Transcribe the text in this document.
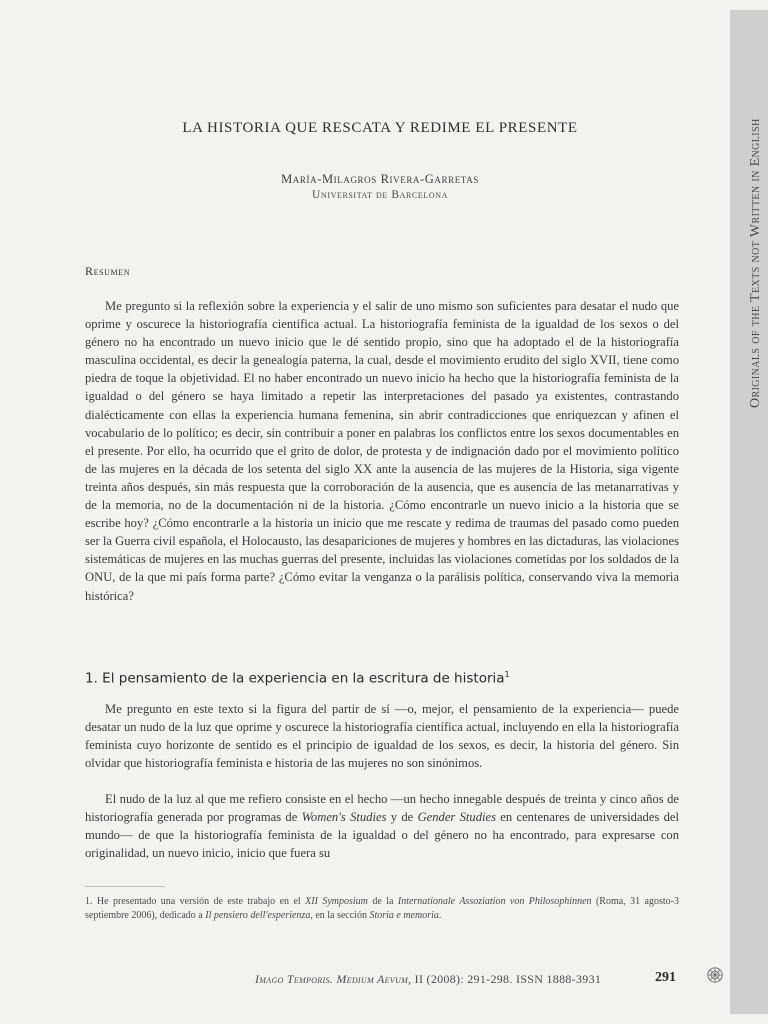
Originals of the Texts not Written in English
LA HISTORIA QUE RESCATA Y REDIME EL PRESENTE
María-Milagros Rivera-Garretas
Universitat de Barcelona
Resumen

Me pregunto si la reflexión sobre la experiencia y el salir de uno mismo son suficientes para desatar el nudo que oprime y oscurece la historiografía científica actual. La historiografía feminista de la igualdad de los sexos o del género no ha encontrado un nuevo inicio que le dé sentido propio, sino que ha adoptado el de la historiografía masculina occidental, es decir la genealogía paterna, la cual, desde el movimiento erudito del siglo XVII, tiene como piedra de toque la objetividad. El no haber encontrado un nuevo inicio ha hecho que la historiografía feminista de la igualdad o del género se haya limitado a repetir las interpretaciones del pasado ya existentes, contrastando dialécticamente con ellas la experiencia humana femenina, sin abrir contradicciones que enriquezcan y afinen el vocabulario de lo político; es decir, sin contribuir a poner en palabras los conflictos entre los sexos documentables en el presente. Por ello, ha ocurrido que el grito de dolor, de protesta y de indignación dado por el movimiento político de las mujeres en la década de los setenta del siglo XX ante la ausencia de las mujeres de la Historia, siga vigente treinta años después, sin más respuesta que la corroboración de la ausencia, que es ausencia de las metanarrativas y de la memoria, no de la documentación ni de la historia. ¿Cómo encontrarle un nuevo inicio a la historia que se escribe hoy? ¿Cómo encontrarle a la historia un inicio que me rescate y redima de traumas del pasado como pueden ser la Guerra civil española, el Holocausto, las desapariciones de mujeres y hombres en las dictaduras, las violaciones sistemáticas de mujeres en las muchas guerras del presente, incluidas las violaciones cometidas por los soldados de la ONU, de la que mi país forma parte? ¿Cómo evitar la venganza o la parálisis política, conservando viva la memoria histórica?

1. El pensamiento de la experiencia en la escritura de historia$^1$

Me pregunto en este texto si la figura del partir de sí —o, mejor, el pensamiento de la experiencia— puede desatar un nudo de la luz que oprime y oscurece la historiografía científica actual, incluyendo en ella la historiografía feminista cuyo horizonte de sentido es el principio de igualdad de los sexos, es decir, la historia del género. Sin olvidar que historiografía feminista e historia de las mujeres no son sinónimos.

El nudo de la luz al que me refiero consiste en el hecho —un hecho innegable después de treinta y cinco años de historiografía generada por programas de Women's Studies y de Gender Studies en centenares de universidades del mundo— de que la historiografía feminista de la igualdad o del género no ha encontrado, para expresarse con originalidad, un nuevo inicio, inicio que fuera su

1. He presentado una versión de este trabajo en el XII Symposium de la Internationale Assoziation von Philosophinnen (Roma, 31 agosto-3 septiembre 2006), dedicado a Il pensiero dell'esperienza, en la sección Storia e memoria.

Imago Temporis. Medium Aevum, II (2008): 291-298. ISSN 1888-3931	291
